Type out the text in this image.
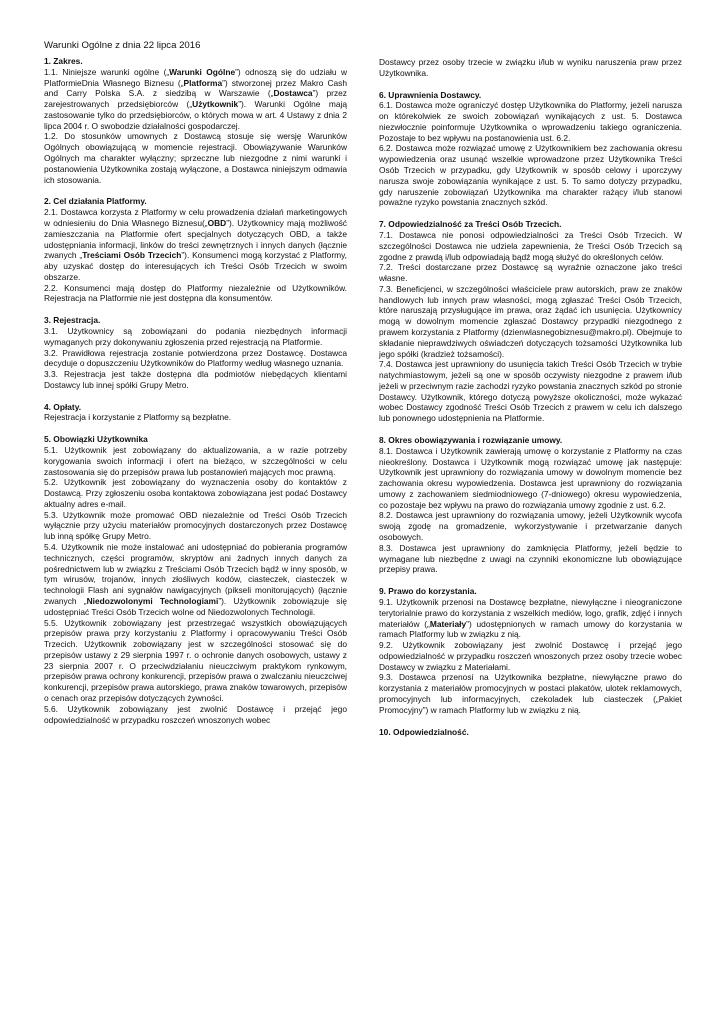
Warunki Ogólne z dnia 22 lipca 2016

1. Zakres.

1.1. Niniejsze warunki ogólne („Warunki Ogólne”) odnoszą się do udziału w PlatformieDnia Własnego Biznesu („Platforma”) stworzonej przez Makro Cash and Carry Polska S.A. z siedzibą w Warszawie („Dostawca”) przez zarejestrowanych przedsiębiorców („Użytkownik”). Warunki Ogólne mają zastosowanie tylko do przedsiębiorców, o których mowa w art. 4 Ustawy z dnia 2 lipca 2004 r. O swobodzie działalności gospodarczej.

1.2. Do stosunków umownych z Dostawcą stosuje się wersję Warunków Ogólnych obowiązującą w momencie rejestracji. Obowiązywanie Warunków Ogólnych ma charakter wyłączny; sprzeczne lub niezgodne z nimi warunki i postanowienia Użytkownika zostają wyłączone, a Dostawca niniejszym odmawia ich stosowania.

2. Cel działania Platformy.

2.1. Dostawca korzysta z Platformy w celu prowadzenia działań marketingowych w odniesieniu do Dnia Własnego Biznesu(„OBD”). Użytkownicy mają możliwość zamieszczania na Platformie ofert specjalnych dotyczących OBD, a także udostępniania informacji, linków do treści zewnętrznych i innych danych (łącznie zwanych „Treściami Osób Trzecich”). Konsumenci mogą korzystać z Platformy, aby uzyskać dostęp do interesujących ich Treści Osób Trzecich w swoim obszarze.

2.2. Konsumenci mają dostęp do Platformy niezależnie od Użytkowników. Rejestracja na Platformie nie jest dostępna dla konsumentów.

3. Rejestracja.

3.1. Użytkownicy są zobowiązani do podania niezbędnych informacji wymaganych przy dokonywaniu zgłoszenia przed rejestracją na Platformie.

3.2. Prawidłowa rejestracja zostanie potwierdzona przez Dostawcę. Dostawca decyduje o dopuszczeniu Użytkowników do Platformy według własnego uznania.

3.3. Rejestracja jest także dostępna dla podmiotów niebędących klientami Dostawcy lub innej spółki Grupy Metro.

4. Opłaty.

Rejestracja i korzystanie z Platformy są bezpłatne.

5. Obowiązki Użytkownika

5.1. Użytkownik jest zobowiązany do aktualizowania, a w razie potrzeby korygowania swoich informacji i ofert na bieżąco, w szczególności w celu zastosowania się do przepisów prawa lub postanowień mających moc prawną.

5.2. Użytkownik jest zobowiązany do wyznaczenia osoby do kontaktów z Dostawcą. Przy zgłoszeniu osoba kontaktowa zobowiązana jest podać Dostawcy aktualny adres e-mail.

5.3. Użytkownik może promować OBD niezależnie od Treści Osób Trzecich wyłącznie przy użyciu materiałów promocyjnych dostarczonych przez Dostawcę lub inną spółkę Grupy Metro.

5.4. Użytkownik nie może instalować ani udostępniać do pobierania programów technicznych, części programów, skryptów ani żadnych innych danych za pośrednictwem lub w związku z Treściami Osób Trzecich bądź w inny sposób, w tym wirusów, trojanów, innych złośliwych kodów, ciasteczek, ciasteczek w technologii Flash ani sygnałów nawigacyjnych (pikseli monitorujących) (łącznie zwanych „Niedozwolonymi Technologiami”). Użytkownik zobowiązuje się udostępniać Treści Osób Trzecich wolne od Niedozwolonych Technologii.

5.5. Użytkownik zobowiązany jest przestrzegać wszystkich obowiązujących przepisów prawa przy korzystaniu z Platformy i opracowywaniu Treści Osób Trzecich. Użytkownik zobowiązany jest w szczególności stosować się do przepisów ustawy z 29 sierpnia 1997 r. o ochronie danych osobowych, ustawy z 23 sierpnia 2007 r. O przeciwdziałaniu nieuczciwym praktykom rynkowym, przepisów prawa ochrony konkurencji, przepisów prawa o zwalczaniu nieuczciwej konkurencji, przepisów prawa autorskiego, prawa znaków towarowych, przepisów o cenach oraz przepisów dotyczących żywności.

5.6. Użytkownik zobowiązany jest zwolnić Dostawcę i przejąć jego odpowiedzialność w przypadku roszczeń wnoszonych wobec

Dostawcy przez osoby trzecie w związku i/lub w wyniku naruszenia praw przez Użytkownika.

6. Uprawnienia Dostawcy.

6.1. Dostawca może ograniczyć dostęp Użytkownika do Platformy, jeżeli narusza on którekolwiek ze swoich zobowiązań wynikających z ust. 5. Dostawca niezwłocznie poinformuje Użytkownika o wprowadzeniu takiego ograniczenia. Pozostaje to bez wpływu na postanowienia ust. 6.2.

6.2. Dostawca może rozwiązać umowę z Użytkownikiem bez zachowania okresu wypowiedzenia oraz usunąć wszelkie wprowadzone przez Użytkownika Treści Osób Trzecich w przypadku, gdy Użytkownik w sposób celowy i uporczywy narusza swoje zobowiązania wynikające z ust. 5. To samo dotyczy przypadku, gdy naruszenie zobowiązań Użytkownika ma charakter rażący i/lub stanowi poważne ryzyko powstania znacznych szkód.

7. Odpowiedzialność za Treści Osób Trzecich.

7.1. Dostawca nie ponosi odpowiedzialności za Treści Osób Trzecich. W szczególności Dostawca nie udziela zapewnienia, że Treści Osób Trzecich są zgodne z prawdą i/lub odpowiadają bądź mogą służyć do określonych celów.

7.2. Treści dostarczane przez Dostawcę są wyraźnie oznaczone jako treści własne.

7.3. Beneficjenci, w szczególności właściciele praw autorskich, praw ze znaków handlowych lub innych praw własności, mogą zgłaszać Treści Osób Trzecich, które naruszają przysługujące im prawa, oraz żądać ich usunięcia. Użytkownicy mogą w dowolnym momencie zgłaszać Dostawcy przypadki niezgodnego z prawem korzystania z Platformy (dzienwlasnegobiznesu@makro.pl). Obejmuje to składanie nieprawdziwych oświadczeń dotyczących tożsamości Użytkownika lub jego spółki (kradzież tożsamości).

7.4. Dostawca jest uprawniony do usunięcia takich Treści Osób Trzecich w trybie natychmiastowym, jeżeli są one w sposób oczywisty niezgodne z prawem i/lub jeżeli w przeciwnym razie zachodzi ryzyko powstania znacznych szkód po stronie Dostawcy. Użytkownik, którego dotyczą powyższe okoliczności, może wykazać wobec Dostawcy zgodność Treści Osób Trzecich z prawem w celu ich dalszego lub ponownego udostępnienia na Platformie.

8. Okres obowiązywania i rozwiązanie umowy.

8.1. Dostawca i Użytkownik zawierają umowę o korzystanie z Platformy na czas nieokreślony. Dostawca i Użytkownik mogą rozwiązać umowę jak następuje: Użytkownik jest uprawniony do rozwiązania umowy w dowolnym momencie bez zachowania okresu wypowiedzenia. Dostawca jest uprawniony do rozwiązania umowy z zachowaniem siedmiodniowego (7-dniowego) okresu wypowiedzenia, co pozostaje bez wpływu na prawo do rozwiązania umowy zgodnie z ust. 6.2.

8.2. Dostawca jest uprawniony do rozwiązania umowy, jeżeli Użytkownik wycofa swoją zgodę na gromadzenie, wykorzystywanie i przetwarzanie danych osobowych.

8.3. Dostawca jest uprawniony do zamknięcia Platformy, jeżeli będzie to wymagane lub niezbędne z uwagi na czynniki ekonomiczne lub obowiązujące przepisy prawa.

9. Prawo do korzystania.

9.1. Użytkownik przenosi na Dostawcę bezpłatne, niewyłączne i nieograniczone terytorialnie prawo do korzystania z wszelkich mediów, logo, grafik, zdjęć i innych materiałów („Materiały”) udostępnionych w ramach umowy do korzystania w ramach Platformy lub w związku z nią.

9.2. Użytkownik zobowiązany jest zwolnić Dostawcę i przejąć jego odpowiedzialność w przypadku roszczeń wnoszonych przez osoby trzecie wobec Dostawcy w związku z Materiałami.

9.3. Dostawca przenosi na Użytkownika bezpłatne, niewyłączne prawo do korzystania z materiałów promocyjnych w postaci plakatów, ulotek reklamowych, promocyjnych lub informacyjnych, czekoladek lub ciasteczek („Pakiet Promocyjny”) w ramach Platformy lub w związku z nią.

10. Odpowiedzialność.
